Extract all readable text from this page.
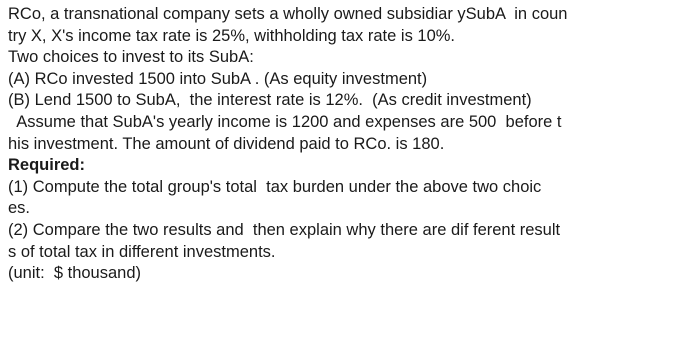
RCo, a transnational company sets a wholly owned subsidiar ySubA  in coun
try X, X's income tax rate is 25%, withholding tax rate is 10%.
Two choices to invest to its SubA:
(A) RCo invested 1500 into SubA . (As equity investment)
(B) Lend 1500 to SubA,  the interest rate is 12%.  (As credit investment)
Assume that SubA's yearly income is 1200 and expenses are 500  before t
his investment. The amount of dividend paid to RCo. is 180.
Required:
(1) Compute the total group's total  tax burden under the above two choic
es.
(2) Compare the two results and  then explain why there are dif ferent result
s of total tax in different investments.
(unit:  $ thousand)
